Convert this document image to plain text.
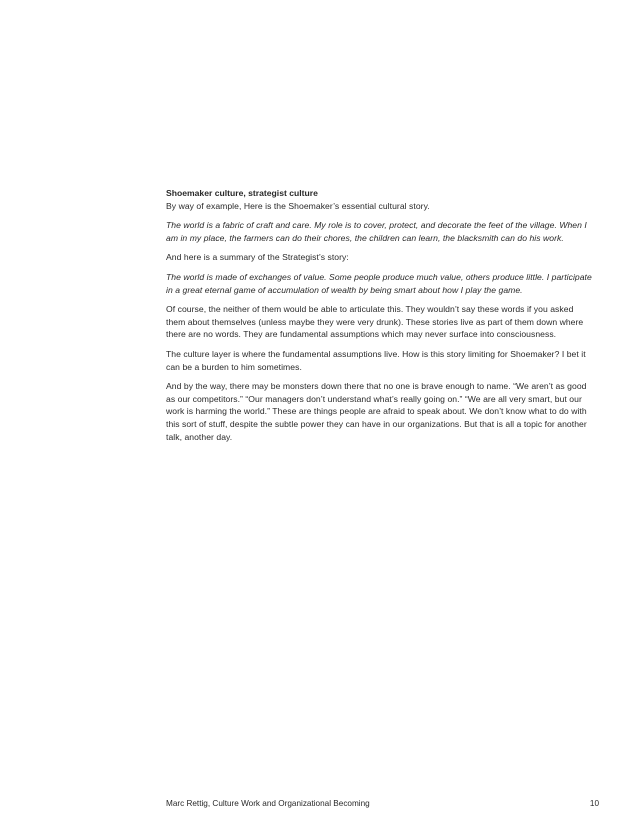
Shoemaker culture, strategist culture

By way of example, Here is the Shoemaker’s essential cultural story.

The world is a fabric of craft and care. My role is to cover, protect, and decorate the feet of the village. When I am in my place, the farmers can do their chores, the children can learn, the blacksmith can do his work.

And here is a summary of the Strategist’s story:

The world is made of exchanges of value. Some people produce much value, others produce little. I participate in a great eternal game of accumulation of wealth by being smart about how I play the game.

Of course, the neither of them would be able to articulate this. They wouldn’t say these words if you asked them about themselves (unless maybe they were very drunk). These stories live as part of them down where there are no words. They are fundamental assumptions which may never surface into consciousness.

The culture layer is where the fundamental assumptions live. How is this story limiting for Shoemaker? I bet it can be a burden to him sometimes.

And by the way, there may be monsters down there that no one is brave enough to name. “We aren’t as good as our competitors.” “Our managers don’t understand what’s really going on.” “We are all very smart, but our work is harming the world.” These are things people are afraid to speak about. We don’t know what to do with this sort of stuff, despite the subtle power they can have in our organizations. But that is all a topic for another talk, another day.

Marc Rettig, Culture Work and Organizational Becoming	10
